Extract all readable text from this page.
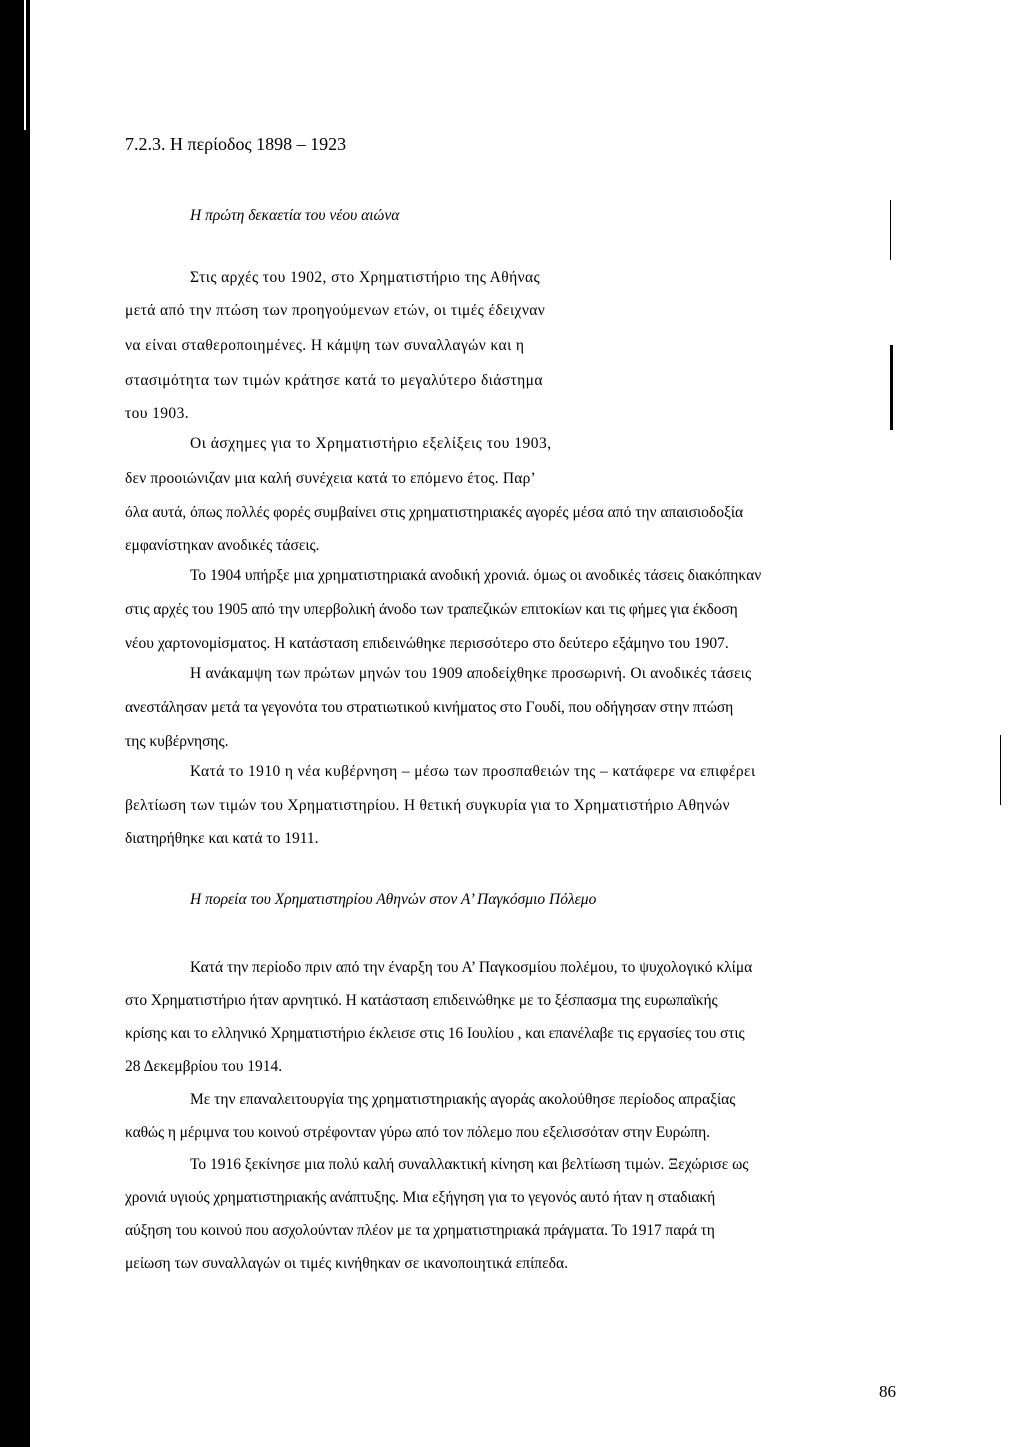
7.2.3. Η περίοδος 1898 – 1923
Η πρώτη δεκαετία του νέου αιώνα
Στις αρχές του 1902, στο Χρηματιστήριο της Αθήνας
μετά από την πτώση των προηγούμενων ετών, οι τιμές έδειχναν
να είναι σταθεροποιημένες. Η κάμψη των συναλλαγών και η
στασιμότητα των τιμών κράτησε κατά το μεγαλύτερο διάστημα
του 1903.
Οι άσχημες για το Χρηματιστήριο εξελίξεις του 1903,
δεν προοιώνιζαν μια καλή συνέχεια κατά το επόμενο έτος. Παρ’
όλα αυτά, όπως πολλές φορές συμβαίνει στις χρηματιστηριακές αγορές μέσα από την απαισιοδοξία
εμφανίστηκαν ανοδικές τάσεις.
Το 1904 υπήρξε μια χρηματιστηριακά ανοδική χρονιά. όμως οι ανοδικές τάσεις διακόπηκαν
στις αρχές του 1905 από την υπερβολική άνοδο των τραπεζικών επιτοκίων και τις φήμες για έκδοση
νέου χαρτονομίσματος. Η κατάσταση επιδεινώθηκε περισσότερο στο δεύτερο εξάμηνο του 1907.
Η ανάκαμψη των πρώτων μηνών του 1909 αποδείχθηκε προσωρινή. Οι ανοδικές τάσεις
ανεστάλησαν μετά τα γεγονότα του στρατιωτικού κινήματος στο Γουδί, που οδήγησαν στην πτώση
της κυβέρνησης.
Κατά το 1910 η νέα κυβέρνηση – μέσω των προσπαθειών της – κατάφερε να επιφέρει
βελτίωση των τιμών του Χρηματιστηρίου. Η θετική συγκυρία για το Χρηματιστήριο Αθηνών
διατηρήθηκε και κατά το 1911.
Η πορεία του Χρηματιστηρίου Αθηνών στον Α’ Παγκόσμιο Πόλεμο
Κατά την περίοδο πριν από την έναρξη του Α’ Παγκοσμίου πολέμου, το ψυχολογικό κλίμα
στο Χρηματιστήριο ήταν αρνητικό. Η κατάσταση επιδεινώθηκε με το ξέσπασμα της ευρωπαϊκής
κρίσης και το ελληνικό Χρηματιστήριο έκλεισε στις 16 Ιουλίου , και επανέλαβε τις εργασίες του στις
28 Δεκεμβρίου του 1914.
Με την επαναλειτουργία της χρηματιστηριακής αγοράς ακολούθησε περίοδος απραξίας
καθώς η μέριμνα του κοινού στρέφονταν γύρω από τον πόλεμο που εξελισσόταν στην Ευρώπη.
Το 1916 ξεκίνησε μια πολύ καλή συναλλακτική κίνηση και βελτίωση τιμών. Ξεχώρισε ως
χρονιά υγιούς χρηματιστηριακής ανάπτυξης. Μια εξήγηση για το γεγονός αυτό ήταν η σταδιακή
αύξηση του κοινού που ασχολούνταν πλέον με τα χρηματιστηριακά πράγματα. Το 1917 παρά τη
μείωση των συναλλαγών οι τιμές κινήθηκαν σε ικανοποιητικά επίπεδα.
86
